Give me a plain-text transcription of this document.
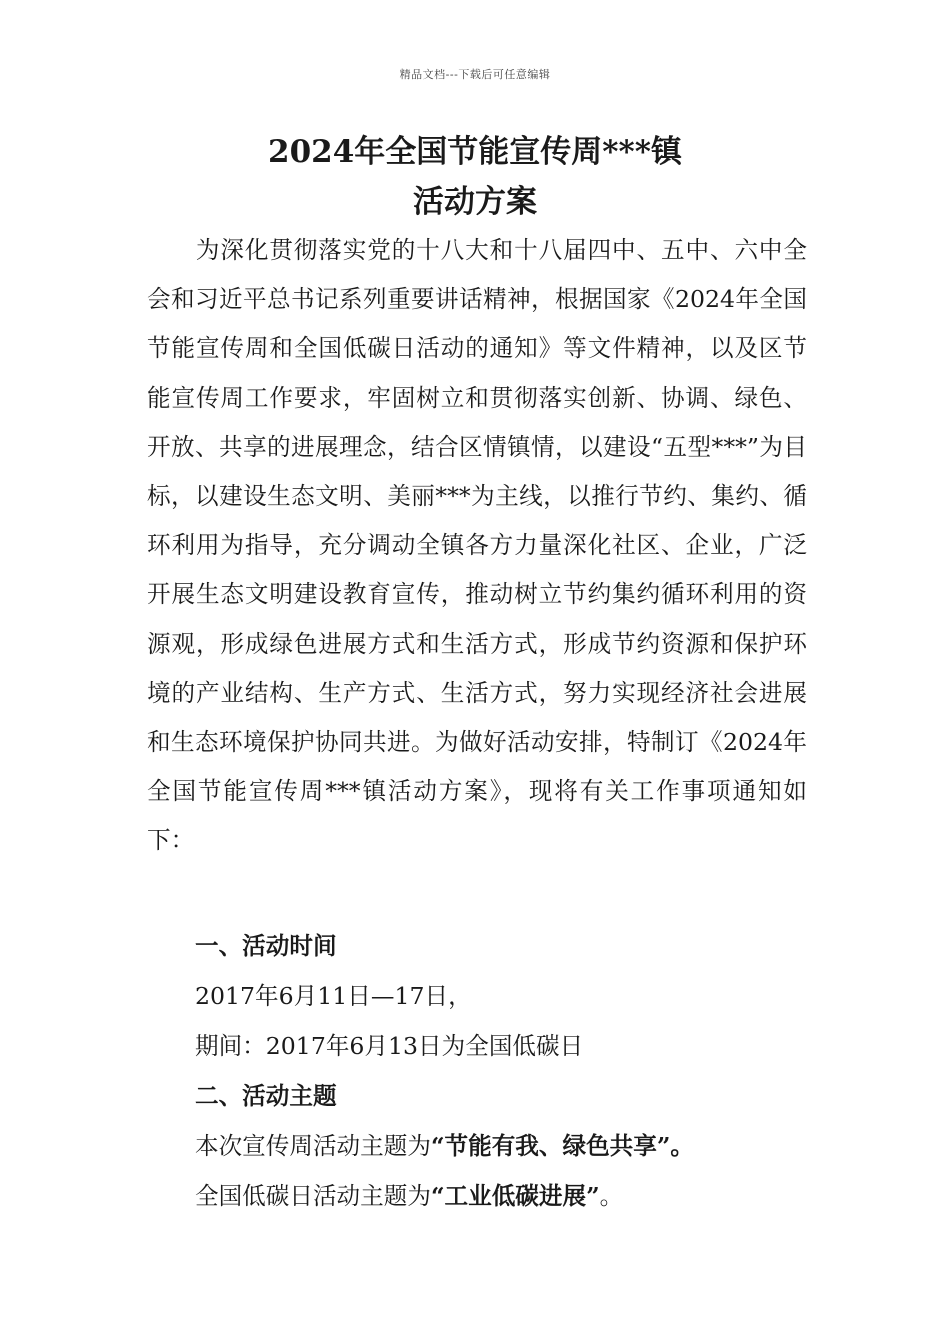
精品文档---下载后可任意编辑
2024年全国节能宣传周***镇
活动方案

为深化贯彻落实党的十八大和十八届四中、五中、六中全会和习近平总书记系列重要讲话精神，根据国家《2024年全国节能宣传周和全国低碳日活动的通知》等文件精神，以及区节能宣传周工作要求，牢固树立和贯彻落实创新、协调、绿色、开放、共享的进展理念，结合区情镇情，以建设“五型***”为目标，以建设生态文明、美丽***为主线，以推行节约、集约、循环利用为指导，充分调动全镇各方力量深化社区、企业，广泛开展生态文明建设教育宣传，推动树立节约集约循环利用的资源观，形成绿色进展方式和生活方式，形成节约资源和保护环境的产业结构、生产方式、生活方式，努力实现经济社会进展和生态环境保护协同共进。为做好活动安排，特制订《2024年全国节能宣传周***镇活动方案》，现将有关工作事项通知如下：

一、活动时间
2017年6月11日—17日，
期间：2017年6月13日为全国低碳日
二、活动主题
本次宣传周活动主题为“节能有我、绿色共享”。
全国低碳日活动主题为“工业低碳进展”。
